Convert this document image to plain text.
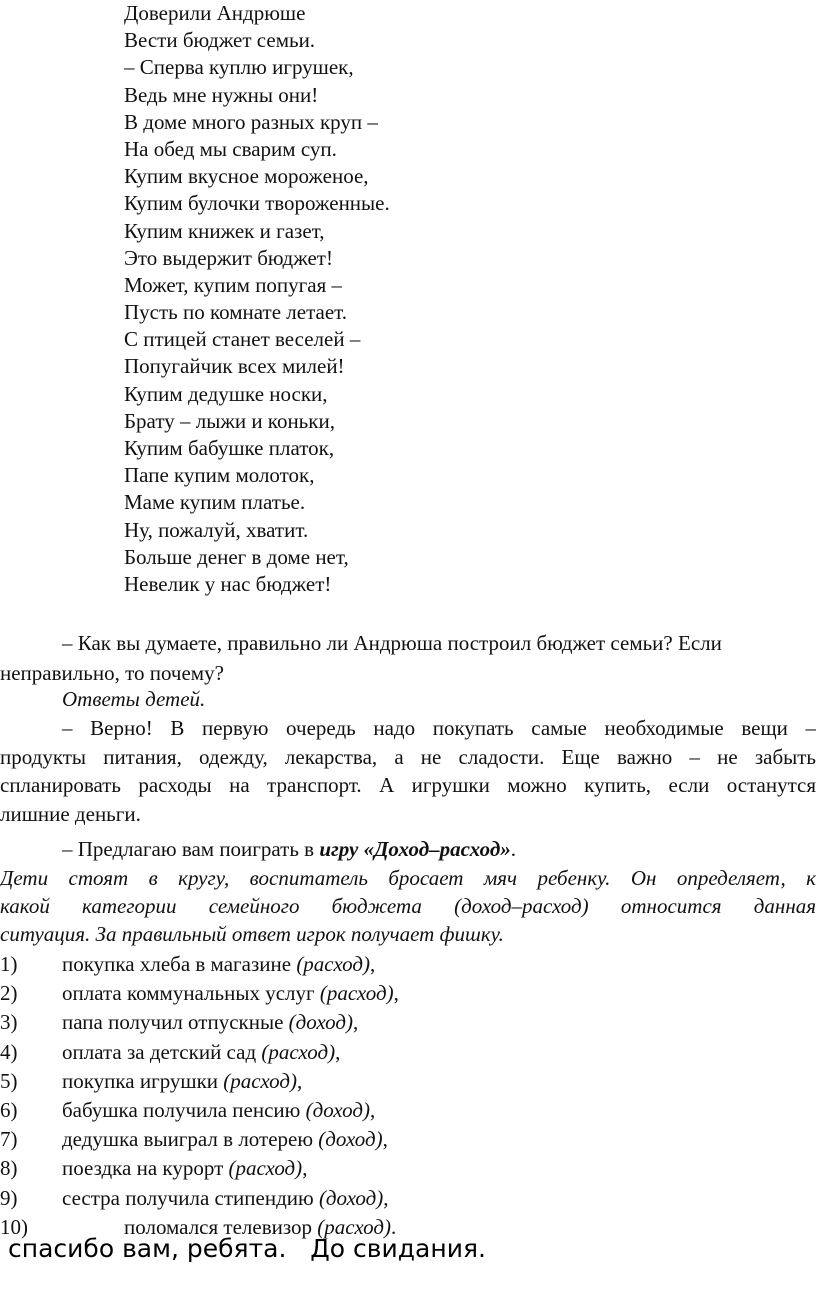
Доверили Андрюше
Вести бюджет семьи.
– Сперва куплю игрушек,
Ведь мне нужны они!
В доме много разных круп –
На обед мы сварим суп.
Купим вкусное мороженое,
Купим булочки твороженные.
Купим книжек и газет,
Это выдержит бюджет!
Может, купим попугая –
Пусть по комнате летает.
С птицей станет веселей –
Попугайчик всех милей!
Купим дедушке носки,
Брату – лыжи и коньки,
Купим бабушке платок,
Папе купим молоток,
Маме купим платье.
Ну, пожалуй, хватит.
Больше денег в доме нет,
Невелик у нас бюджет!
– Как вы думаете, правильно ли Андрюша построил бюджет семьи? Если
неправильно, то почему?
Ответы детей.
– Верно! В первую очередь надо покупать самые необходимые вещи –
продукты питания, одежду, лекарства, а не сладости. Еще важно – не забыть
спланировать расходы на транспорт. А игрушки можно купить, если останутся
лишние деньги.
– Предлагаю вам поиграть в игру «Доход–расход».
Дети стоят в кругу, воспитатель бросает мяч ребенку. Он определяет, к
какой категории семейного бюджета (доход–расход) относится данная
ситуация. За правильный ответ игрок получает фишку.
1) покупка хлеба в магазине (расход),
2) оплата коммунальных услуг (расход),
3) папа получил отпускные (доход),
4) оплата за детский сад (расход),
5) покупка игрушки (расход),
6) бабушка получила пенсию (доход),
7) дедушка выиграл в лотерею (доход),
8) поездка на курорт (расход),
9) сестра получила стипендию (доход),
10)	поломался телевизор (расход).
спасибо вам, ребята.   До свидания.
